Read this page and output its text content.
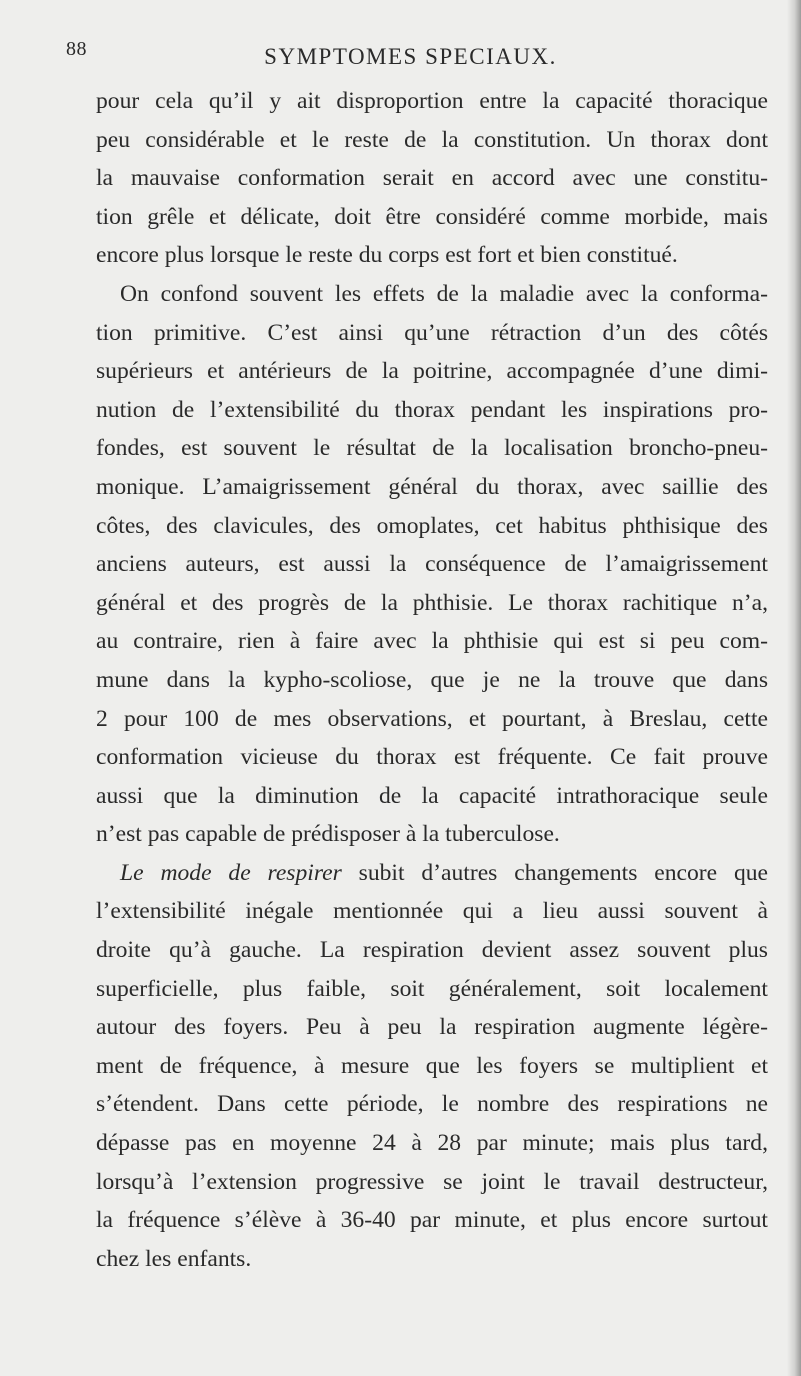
88	SYMPTOMES SPECIAUX.
pour cela qu’il y ait disproportion entre la capacité thoracique
peu considérable et le reste de la constitution. Un thorax dont
la mauvaise conformation serait en accord avec une constitu-
tion grêle et délicate, doit être considéré comme morbide, mais
encore plus lorsque le reste du corps est fort et bien constitué.
On confond souvent les effets de la maladie avec la conforma-
tion primitive. C’est ainsi qu’une rétraction d’un des côtés
supérieurs et antérieurs de la poitrine, accompagnée d’une dimi-
nution de l’extensibilité du thorax pendant les inspirations pro-
fondes, est souvent le résultat de la localisation broncho-pneu-
monique. L’amaigrissement général du thorax, avec saillie des
côtes, des clavicules, des omoplates, cet habitus phthisique des
anciens auteurs, est aussi la conséquence de l’amaigrissement
général et des progrès de la phthisie. Le thorax rachitique n’a,
au contraire, rien à faire avec la phthisie qui est si peu com-
mune dans la kypho-scoliose, que je ne la trouve que dans
2 pour 100 de mes observations, et pourtant, à Breslau, cette
conformation vicieuse du thorax est fréquente. Ce fait prouve
aussi que la diminution de la capacité intrathoracique seule
n’est pas capable de prédisposer à la tuberculose.
Le mode de respirer subit d’autres changements encore que
l’extensibilité inégale mentionnée qui a lieu aussi souvent à
droite qu’à gauche. La respiration devient assez souvent plus
superficielle, plus faible, soit généralement, soit localement
autour des foyers. Peu à peu la respiration augmente légère-
ment de fréquence, à mesure que les foyers se multiplient et
s’étendent. Dans cette période, le nombre des respirations ne
dépasse pas en moyenne 24 à 28 par minute; mais plus tard,
lorsqu’à l’extension progressive se joint le travail destructeur,
la fréquence s’élève à 36-40 par minute, et plus encore surtout
chez les enfants.
